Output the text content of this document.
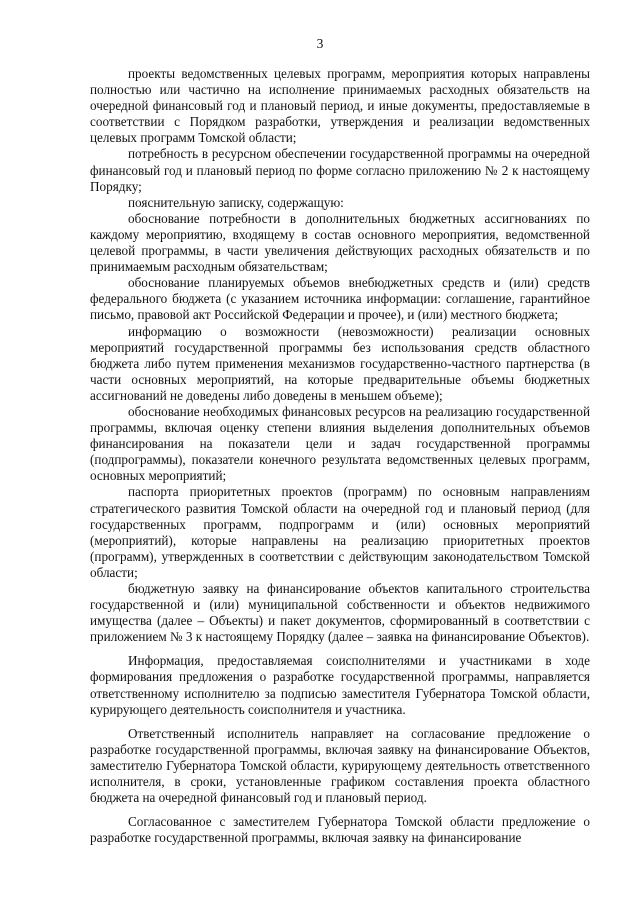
3

проекты ведомственных целевых программ, мероприятия которых направлены полностью или частично на исполнение принимаемых расходных обязательств на очередной финансовый год и плановый период, и иные документы, предоставляемые в соответствии с Порядком разработки, утверждения и реализации ведомственных целевых программ Томской области;

потребность в ресурсном обеспечении государственной программы на очередной финансовый год и плановый период по форме согласно приложению № 2 к настоящему Порядку;

пояснительную записку, содержащую:

обоснование потребности в дополнительных бюджетных ассигнованиях по каждому мероприятию, входящему в состав основного мероприятия, ведомственной целевой программы, в части увеличения действующих расходных обязательств и по принимаемым расходным обязательствам;

обоснование планируемых объемов внебюджетных средств и (или) средств федерального бюджета (с указанием источника информации: соглашение, гарантийное письмо, правовой акт Российской Федерации и прочее), и (или) местного бюджета;

информацию о возможности (невозможности) реализации основных мероприятий государственной программы без использования средств областного бюджета либо путем применения механизмов государственно-частного партнерства (в части основных мероприятий, на которые предварительные объемы бюджетных ассигнований не доведены либо доведены в меньшем объеме);

обоснование необходимых финансовых ресурсов на реализацию государственной программы, включая оценку степени влияния выделения дополнительных объемов финансирования на показатели цели и задач государственной программы (подпрограммы), показатели конечного результата ведомственных целевых программ, основных мероприятий;

паспорта приоритетных проектов (программ) по основным направлениям стратегического развития Томской области на очередной год и плановый период (для государственных программ, подпрограмм и (или) основных мероприятий (мероприятий), которые направлены на реализацию приоритетных проектов (программ), утвержденных в соответствии с действующим законодательством Томской области;

бюджетную заявку на финансирование объектов капитального строительства государственной и (или) муниципальной собственности и объектов недвижимого имущества (далее – Объекты) и пакет документов, сформированный в соответствии с приложением № 3 к настоящему Порядку (далее – заявка на финансирование Объектов).

Информация, предоставляемая соисполнителями и участниками в ходе формирования предложения о разработке государственной программы, направляется ответственному исполнителю за подписью заместителя Губернатора Томской области, курирующего деятельность соисполнителя и участника.

Ответственный исполнитель направляет на согласование предложение о разработке государственной программы, включая заявку на финансирование Объектов, заместителю Губернатора Томской области, курирующему деятельность ответственного исполнителя, в сроки, установленные графиком составления проекта областного бюджета на очередной финансовый год и плановый период.

Согласованное с заместителем Губернатора Томской области предложение о разработке государственной программы, включая заявку на финансирование
